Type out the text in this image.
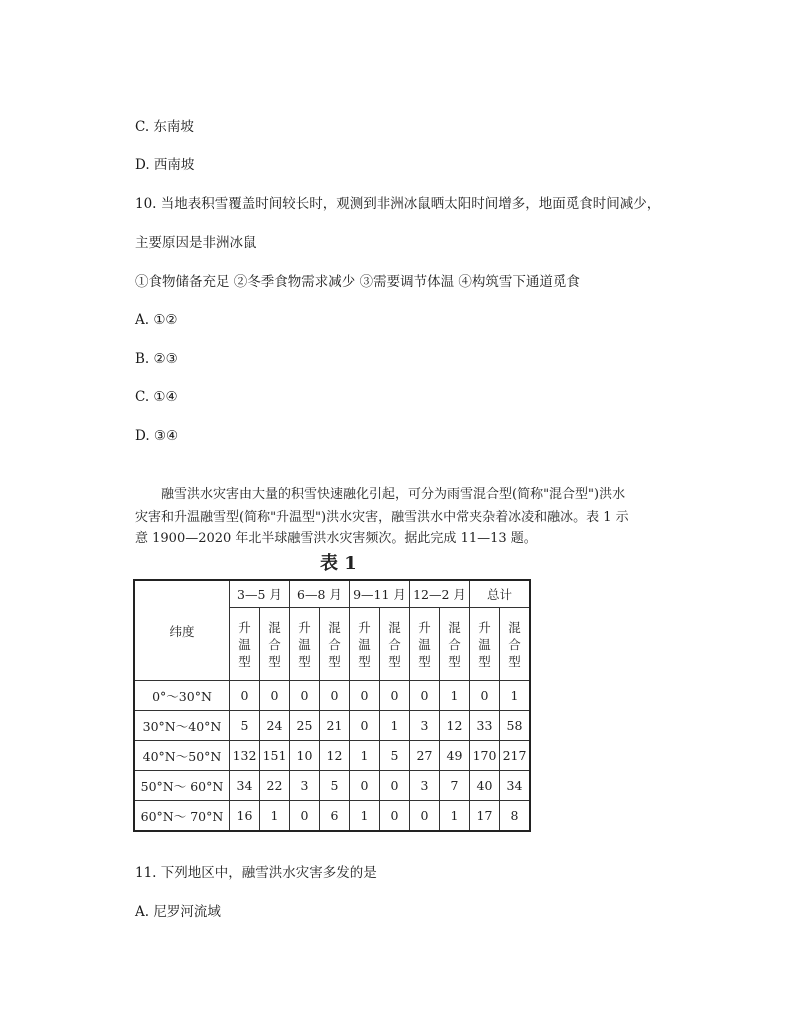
C. 东南坡
D. 西南坡
10. 当地表积雪覆盖时间较长时，观测到非洲冰鼠晒太阳时间增多，地面觅食时间减少，
主要原因是非洲冰鼠
①食物储备充足 ②冬季食物需求减少 ③需要调节体温 ④构筑雪下通道觅食
A. ①②
B. ②③
C. ①④
D. ③④
融雪洪水灾害由大量的积雪快速融化引起，可分为雨雪混合型(简称"混合型")洪水
灾害和升温融雪型(简称"升温型")洪水灾害，融雪洪水中常夹杂着冰凌和融冰。表 1 示
意 1900—2020 年北半球融雪洪水灾害频次。据此完成 11—13 题。
表 1
纬度	3—5 月		6—8 月		9—11 月		12—2 月		总计	
	升温型	混合型	升温型	混合型	升温型	混合型	升温型	混合型	升温型	混合型
0°～30°N	0	0	0	0	0	0	0	1	0	1
30°N～40°N	5	24	25	21	0	1	3	12	33	58
40°N～50°N	132	151	10	12	1	5	27	49	170	217
50°N～ 60°N	34	22	3	5	0	0	3	7	40	34
60°N～ 70°N	16	1	0	6	1	0	0	1	17	8
11. 下列地区中，融雪洪水灾害多发的是
A. 尼罗河流域
